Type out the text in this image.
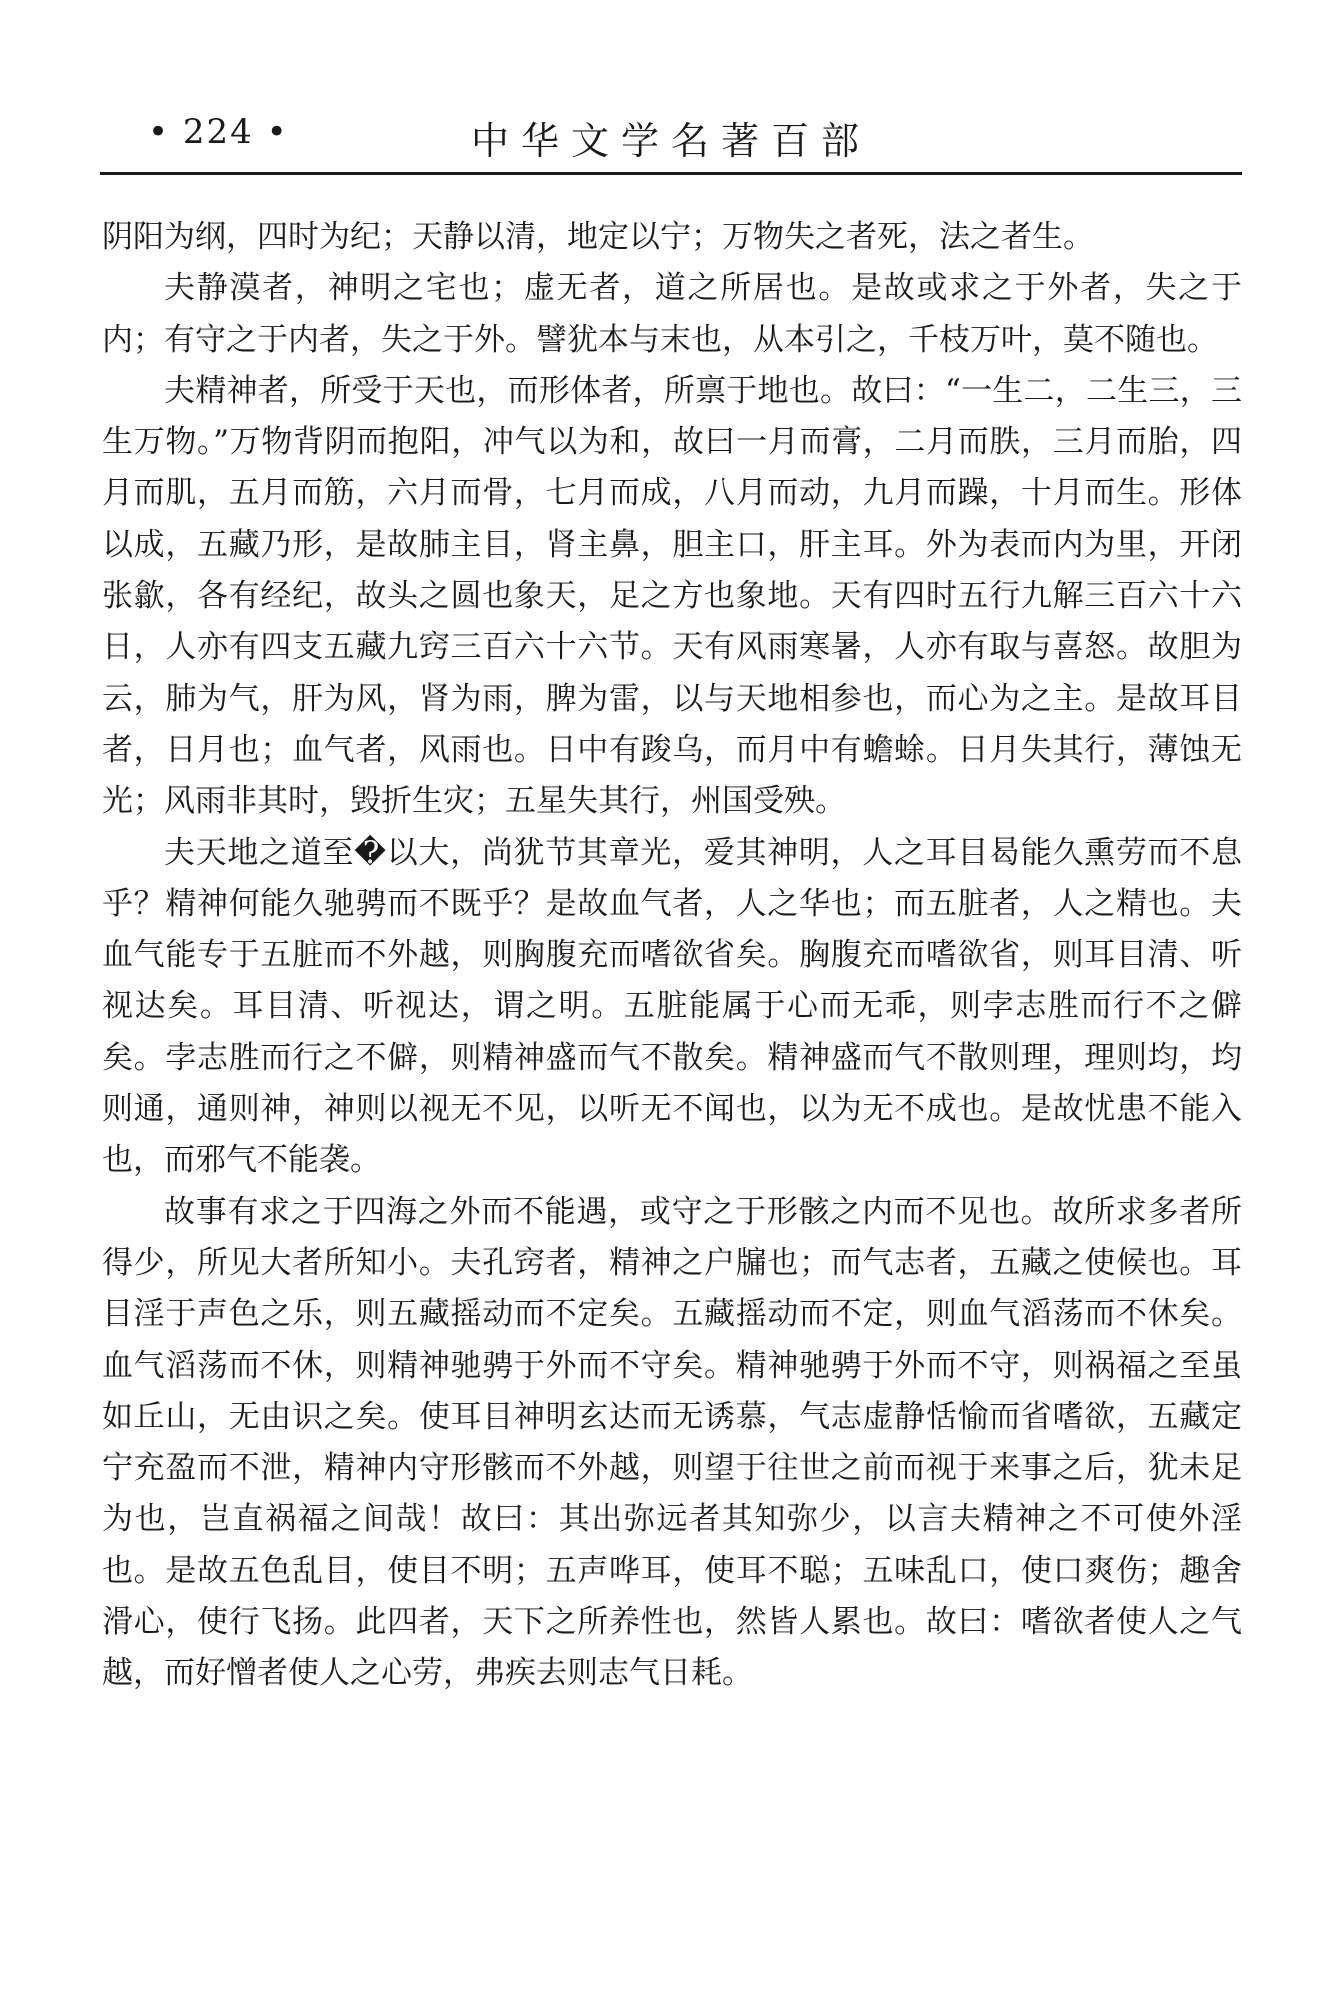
• 224 •	中华文学名著百部

阴阳为纲，四时为纪；天静以清，地定以宁；万物失之者死，法之者生。

夫静漠者，神明之宅也；虚无者，道之所居也。是故或求之于外者，失之于内；有守之于内者，失之于外。譬犹本与末也，从本引之，千枝万叶，莫不随也。

夫精神者，所受于天也，而形体者，所禀于地也。故曰：“一生二，二生三，三生万物。”万物背阴而抱阳，冲气以为和，故曰一月而膏，二月而胅，三月而胎，四月而肌，五月而筋，六月而骨，七月而成，八月而动，九月而躁，十月而生。形体以成，五藏乃形，是故肺主目，肾主鼻，胆主口，肝主耳。外为表而内为里，开闭张歙，各有经纪，故头之圆也象天，足之方也象地。天有四时五行九解三百六十六日，人亦有四支五藏九窍三百六十六节。天有风雨寒暑，人亦有取与喜怒。故胆为云，肺为气，肝为风，肾为雨，脾为雷，以与天地相参也，而心为之主。是故耳目者，日月也；血气者，风雨也。日中有踆乌，而月中有蟾蜍。日月失其行，薄蚀无光；风雨非其时，毁折生灾；五星失其行，州国受殃。

夫天地之道至�以大，尚犹节其章光，爱其神明，人之耳目曷能久熏劳而不息乎？精神何能久驰骋而不既乎？是故血气者，人之华也；而五脏者，人之精也。夫血气能专于五脏而不外越，则胸腹充而嗜欲省矣。胸腹充而嗜欲省，则耳目清、听视达矣。耳目清、听视达，谓之明。五脏能属于心而无乖，则孛志胜而行不之僻矣。孛志胜而行之不僻，则精神盛而气不散矣。精神盛而气不散则理，理则均，均则通，通则神，神则以视无不见，以听无不闻也，以为无不成也。是故忧患不能入也，而邪气不能袭。

故事有求之于四海之外而不能遇，或守之于形骸之内而不见也。故所求多者所得少，所见大者所知小。夫孔窍者，精神之户牖也；而气志者，五藏之使候也。耳目淫于声色之乐，则五藏摇动而不定矣。五藏摇动而不定，则血气滔荡而不休矣。血气滔荡而不休，则精神驰骋于外而不守矣。精神驰骋于外而不守，则祸福之至虽如丘山，无由识之矣。使耳目神明玄达而无诱慕，气志虚静恬愉而省嗜欲，五藏定宁充盈而不泄，精神内守形骸而不外越，则望于往世之前而视于来事之后，犹未足为也，岂直祸福之间哉！故曰：其出弥远者其知弥少，以言夫精神之不可使外淫也。是故五色乱目，使目不明；五声哗耳，使耳不聪；五味乱口，使口爽伤；趣舍滑心，使行飞扬。此四者，天下之所养性也，然皆人累也。故曰：嗜欲者使人之气越，而好憎者使人之心劳，弗疾去则志气日耗。
